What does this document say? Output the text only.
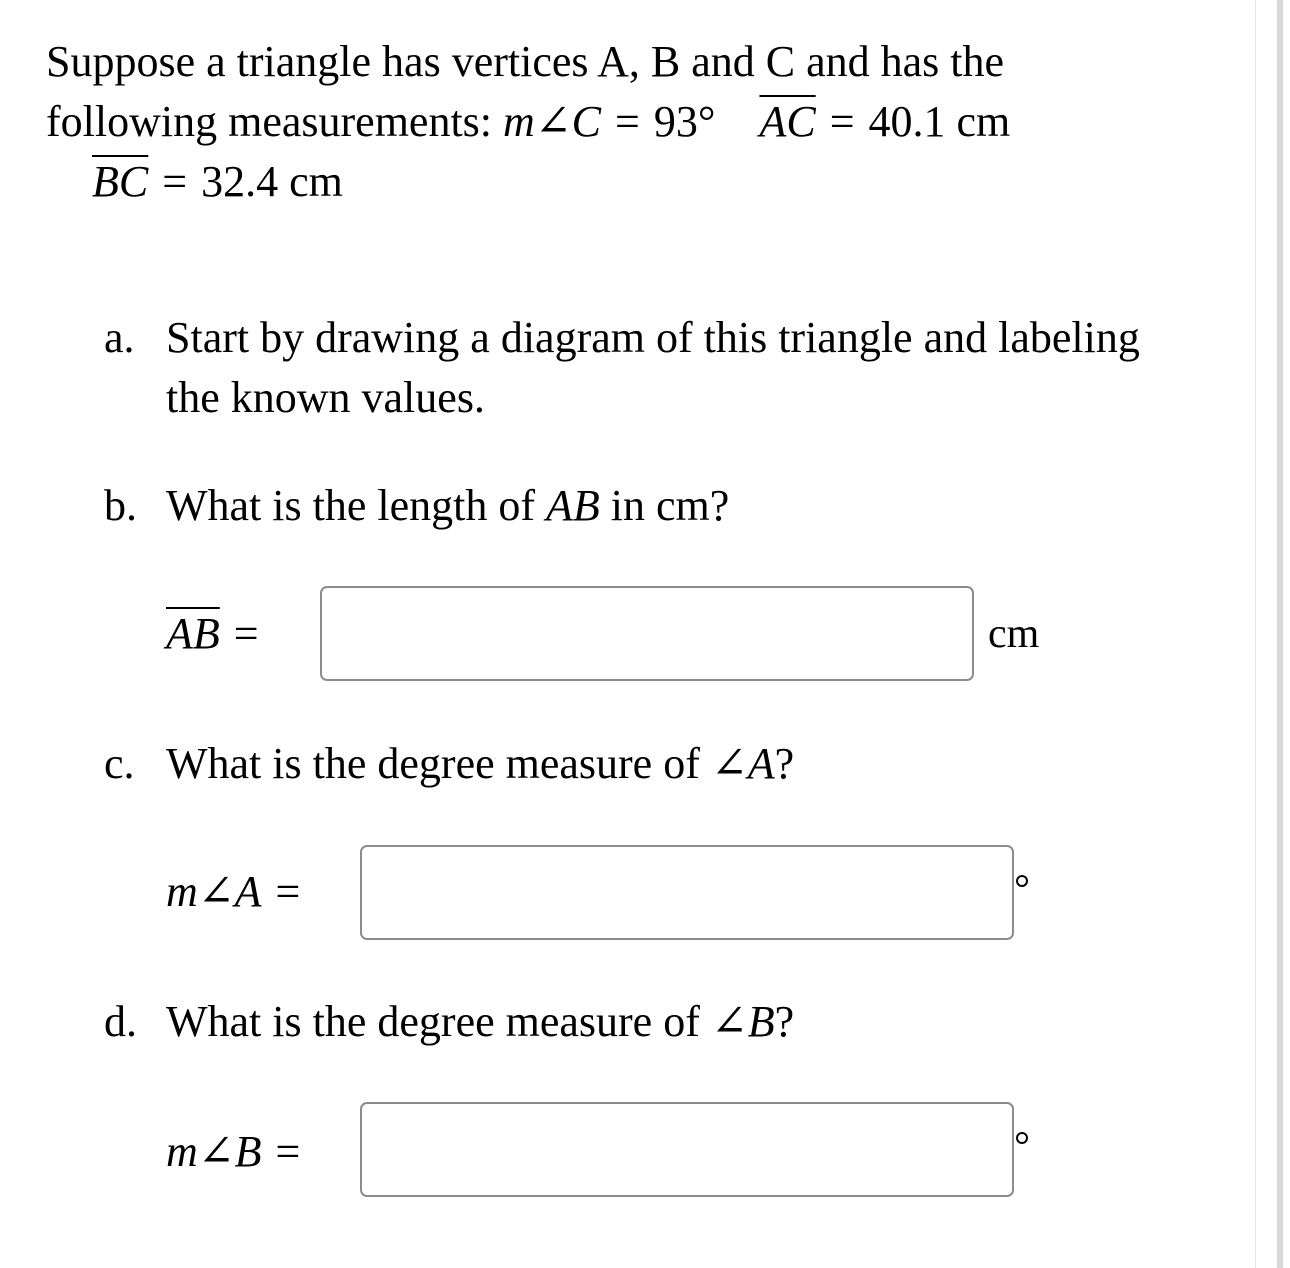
Suppose a triangle has vertices A, B and C and has the
following measurements: m∠C = 93° $\overline{AC} = 40.1$ cm
$\overline{BC} = 32.4$ cm
a. Start by drawing a diagram of this triangle and labeling
the known values.
b. What is the length of AB in cm?
$\overline{AB}$ =	cm
c. What is the degree measure of ∠A?
m∠A =
d. What is the degree measure of ∠B?
m∠B =
